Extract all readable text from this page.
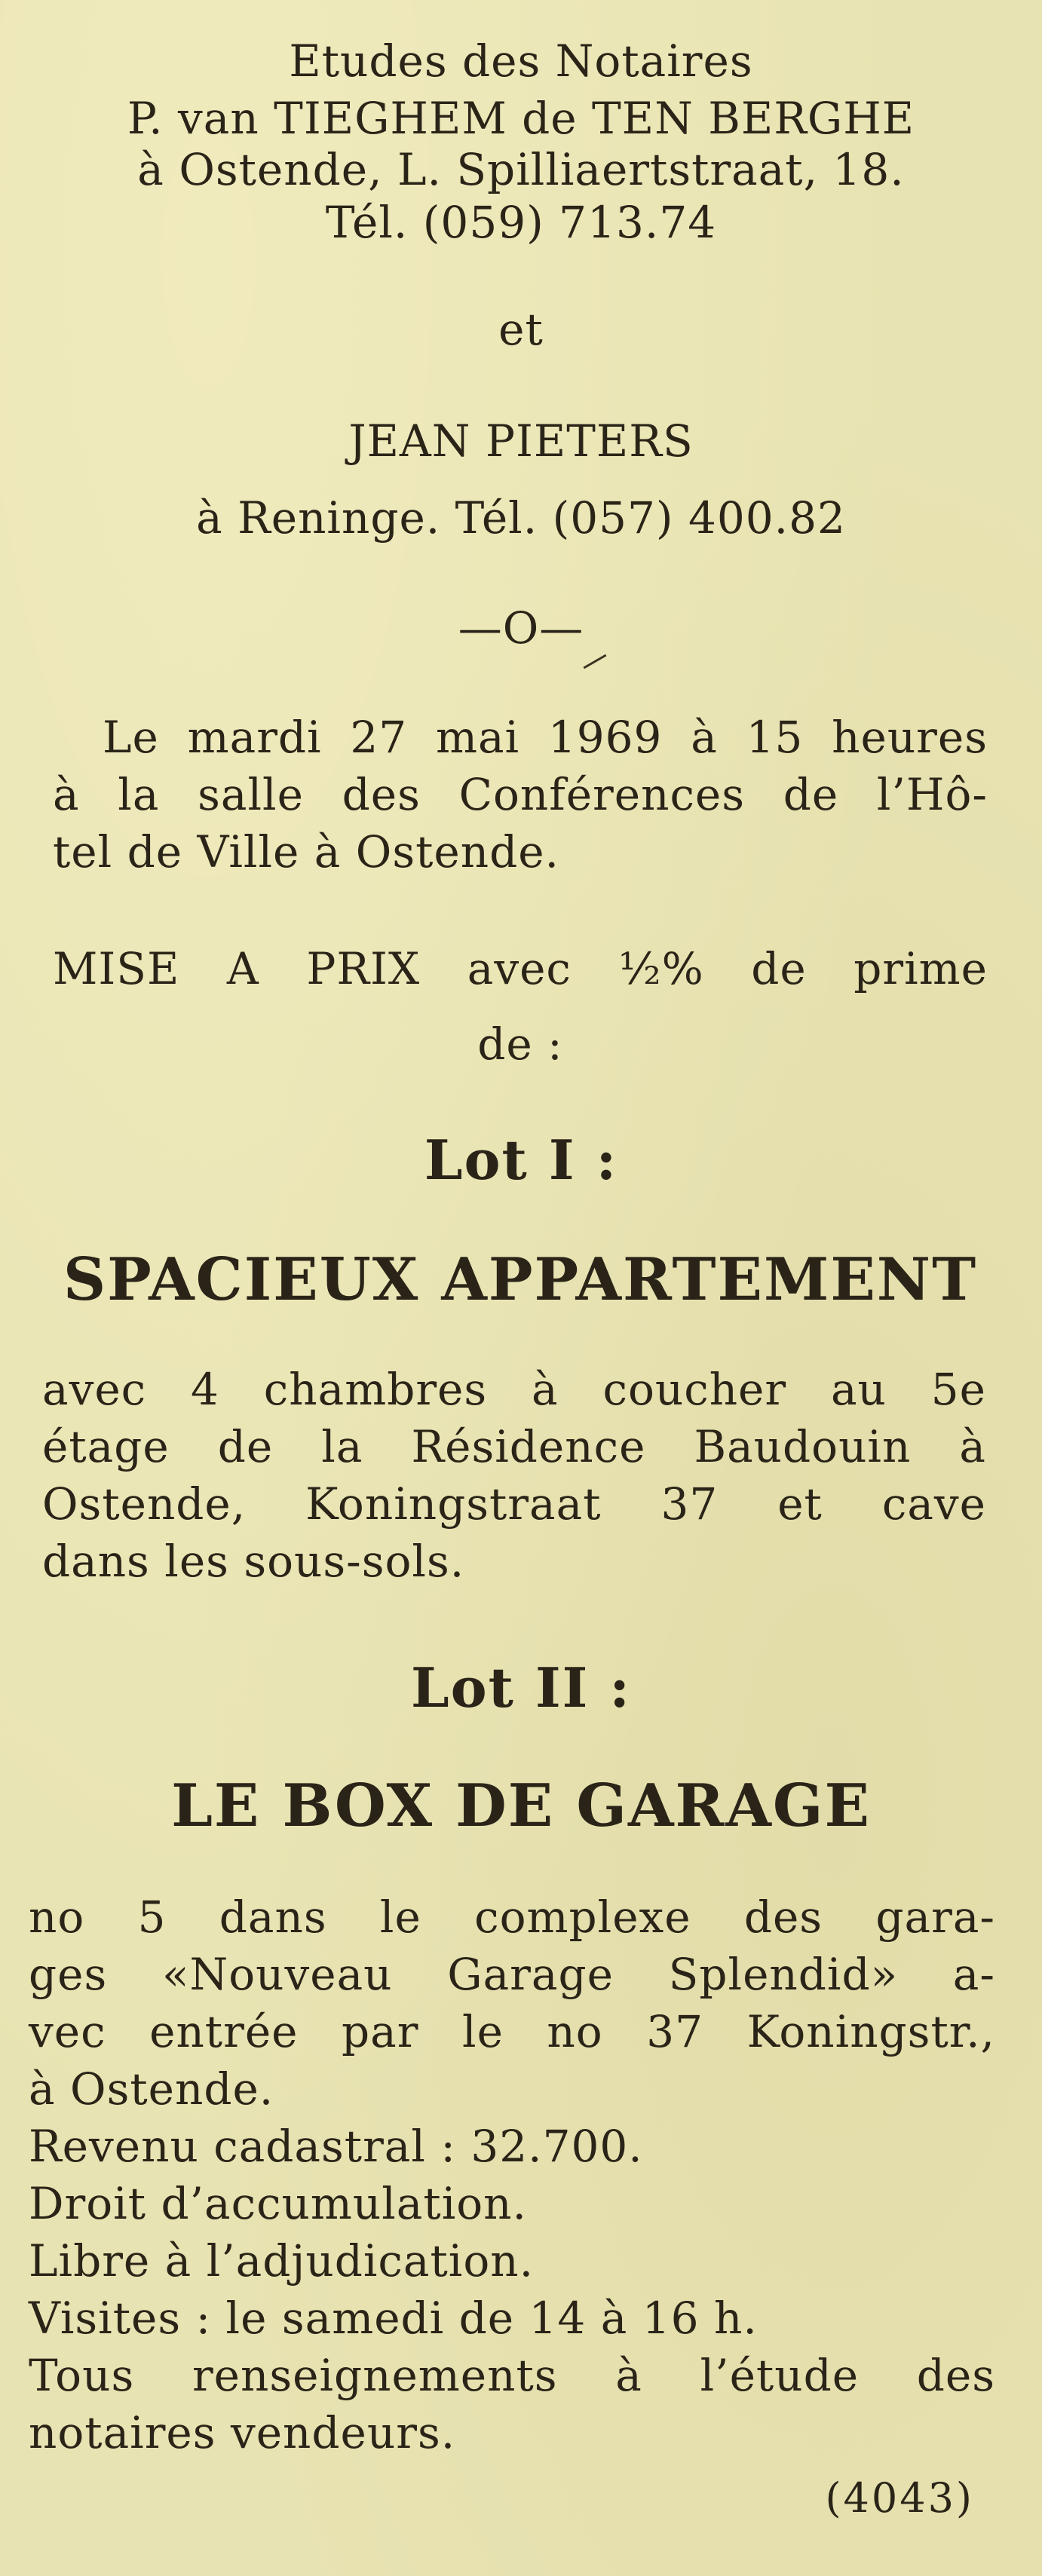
Etudes des Notaires

P. van TIEGHEM de TEN BERGHE

à Ostende, L. Spilliaertstraat, 18.

Tél. (059) 713.74

et

JEAN PIETERS

à Reninge. Tél. (057) 400.82

—O—

Le mardi 27 mai 1969 à 15 heures
à la salle des Conférences de l’Hô-
tel de Ville à Ostende.
MISE A PRIX avec ½% de prime
de :

Lot I :

SPACIEUX APPARTEMENT

avec 4 chambres à coucher au 5e
étage de la Résidence Baudouin à
Ostende, Koningstraat 37 et cave
dans les sous-sols.

Lot II :

LE BOX DE GARAGE

no 5 dans le complexe des gara-
ges «Nouveau Garage Splendid» a-
vec entrée par le no 37 Koningstr.,
à Ostende.
Revenu cadastral : 32.700.
Droit d’accumulation.
Libre à l’adjudication.
Visites : le samedi de 14 à 16 h.
Tous renseignements à l’étude des
notaires vendeurs.

(4043)
